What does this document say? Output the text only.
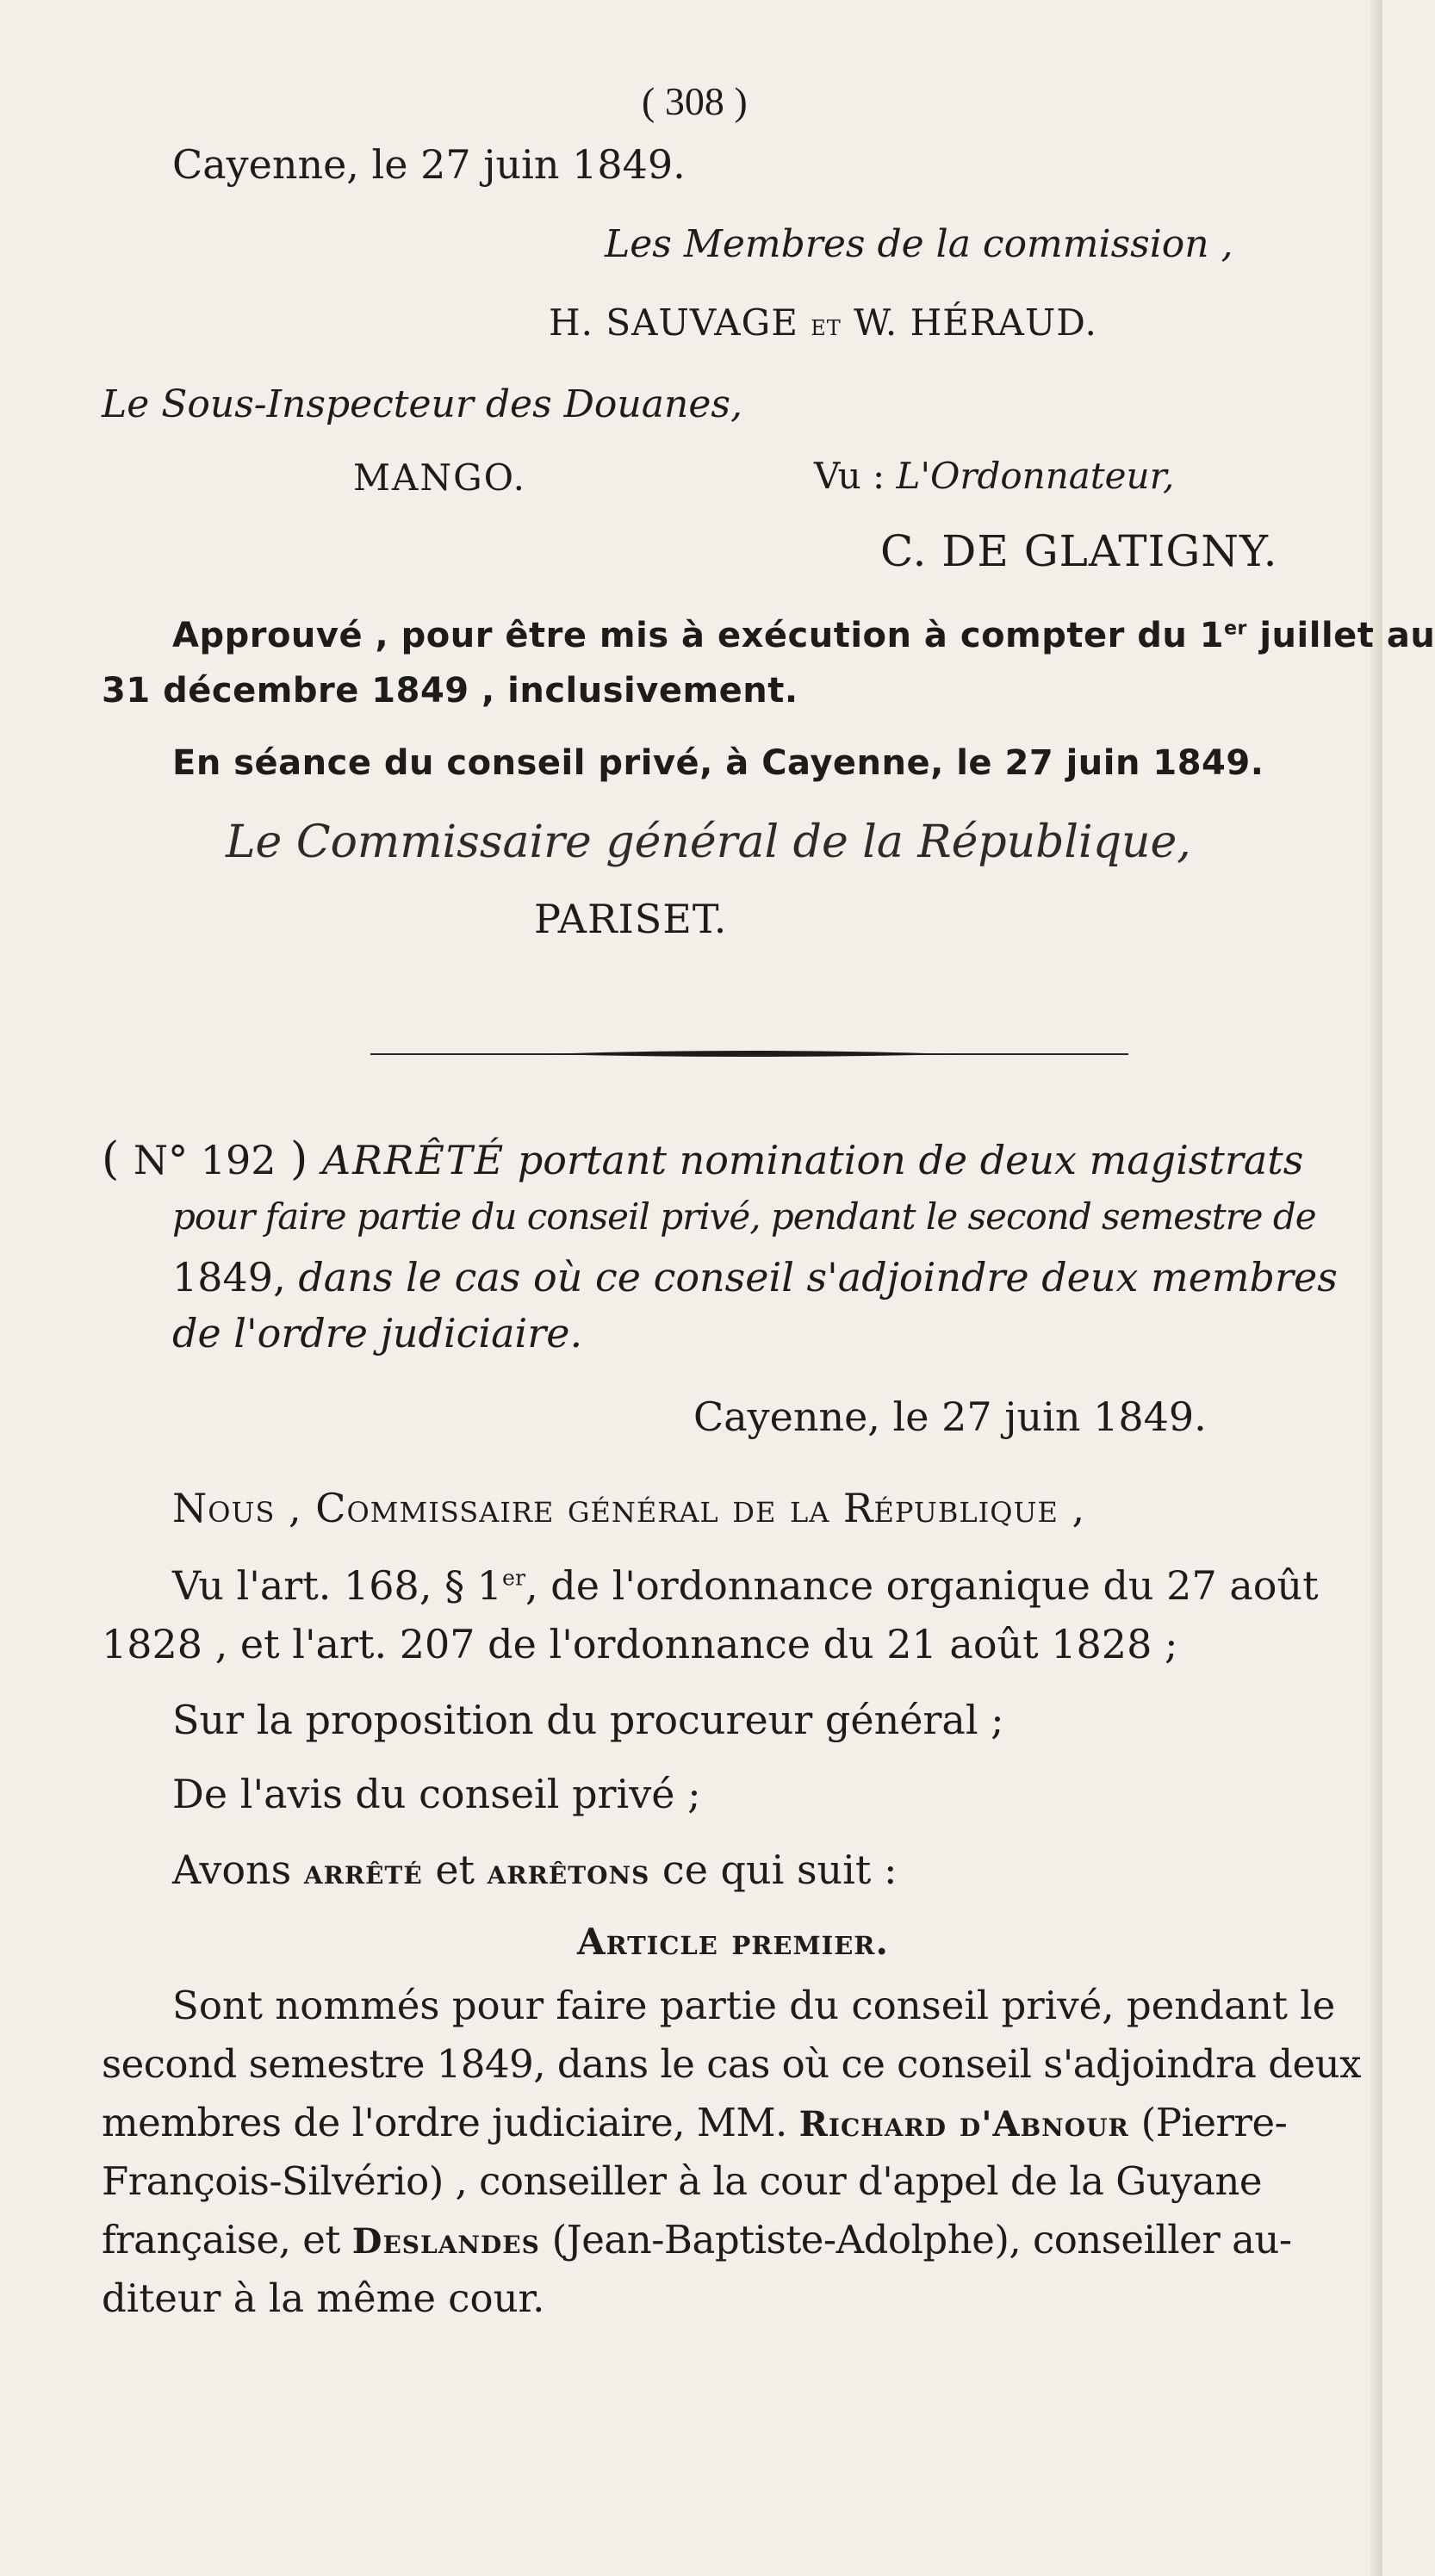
( 308 )
Cayenne, le 27 juin 1849.
Les Membres de la commission ,
H. SAUVAGE et W. HÉRAUD.
Le Sous-Inspecteur des Douanes,
MANGO.	Vu : L'Ordonnateur,
C. DE GLATIGNY.
Approuvé , pour être mis à exécution à compter du 1er juillet au
31 décembre 1849 , inclusivement.
En séance du conseil privé, à Cayenne, le 27 juin 1849.
Le Commissaire général de la République,
PARISET.
( N° 192 ) ARRÊTÉ portant nomination de deux magistrats
pour faire partie du conseil privé, pendant le second semestre de
1849, dans le cas où ce conseil s'adjoindre deux membres
de l'ordre judiciaire.
Cayenne, le 27 juin 1849.
Nous , Commissaire général de la République ,
Vu l'art. 168, § 1er, de l'ordonnance organique du 27 août
1828 , et l'art. 207 de l'ordonnance du 21 août 1828 ;
Sur la proposition du procureur général ;
De l'avis du conseil privé ;
Avons arrêté et arrêtons ce qui suit :
Article premier.
Sont nommés pour faire partie du conseil privé, pendant le
second semestre 1849, dans le cas où ce conseil s'adjoindra deux
membres de l'ordre judiciaire, MM. Richard d'Abnour (Pierre-
François-Silvério) , conseiller à la cour d'appel de la Guyane
française, et Deslandes (Jean-Baptiste-Adolphe), conseiller au-
diteur à la même cour.
